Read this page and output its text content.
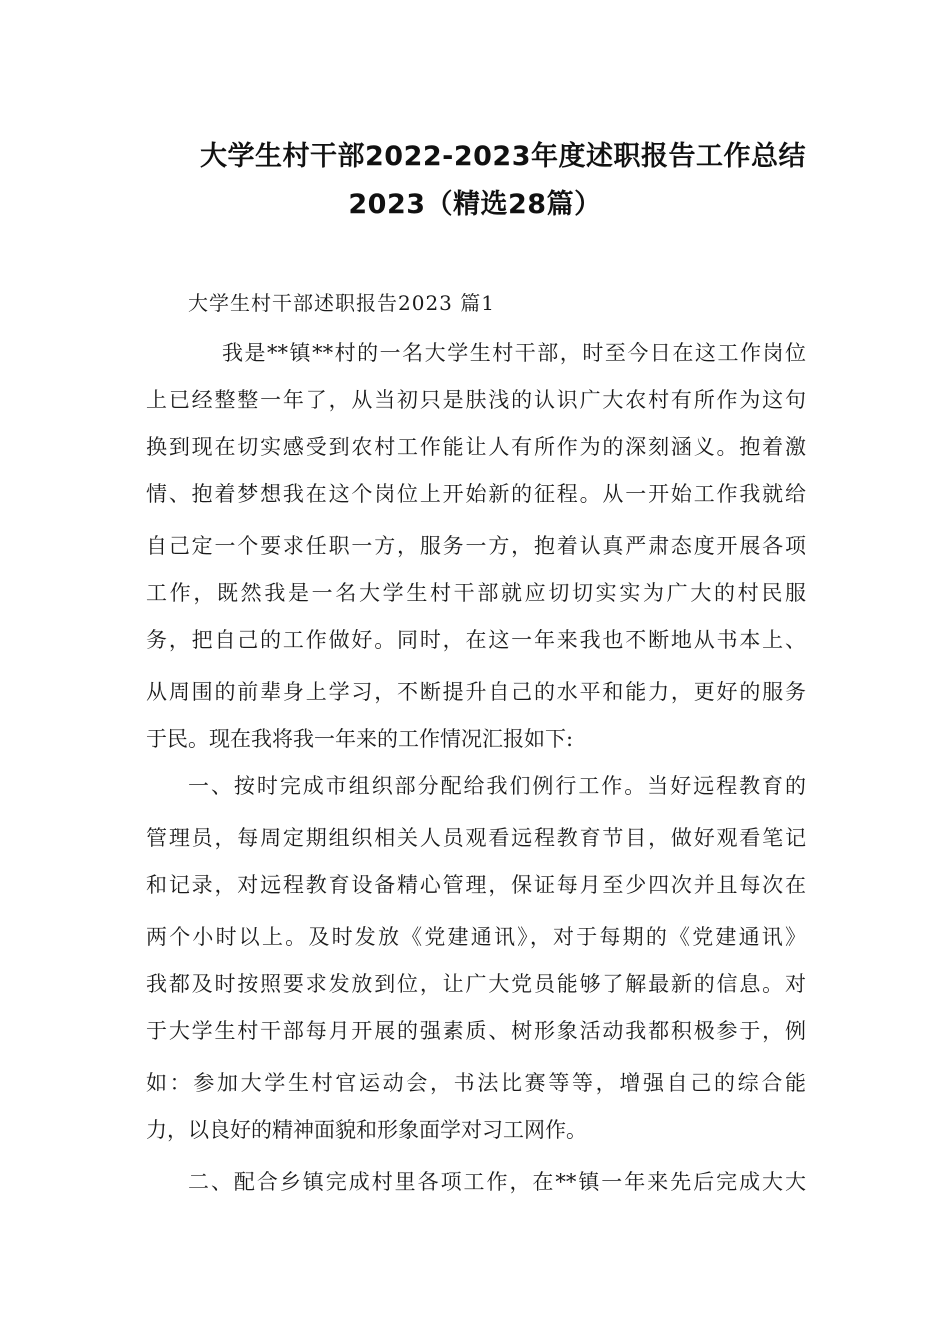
大学生村干部2022-2023年度述职报告工作总结
2023（精选28篇）
大学生村干部述职报告2023 篇1
我是**镇**村的一名大学生村干部，时至今日在这工作岗位
上已经整整一年了，从当初只是肤浅的认识广大农村有所作为这句
换到现在切实感受到农村工作能让人有所作为的深刻涵义。抱着激
情、抱着梦想我在这个岗位上开始新的征程。从一开始工作我就给
自己定一个要求任职一方，服务一方，抱着认真严肃态度开展各项
工作，既然我是一名大学生村干部就应切切实实为广大的村民服
务，把自己的工作做好。同时，在这一年来我也不断地从书本上、
从周围的前辈身上学习，不断提升自己的水平和能力，更好的服务
于民。现在我将我一年来的工作情况汇报如下:
一、按时完成市组织部分配给我们例行工作。当好远程教育的
管理员，每周定期组织相关人员观看远程教育节目，做好观看笔记
和记录，对远程教育设备精心管理，保证每月至少四次并且每次在
两个小时以上。及时发放《党建通讯》，对于每期的《党建通讯》
我都及时按照要求发放到位，让广大党员能够了解最新的信息。对
于大学生村干部每月开展的强素质、树形象活动我都积极参于，例
如：参加大学生村官运动会，书法比赛等等，增强自己的综合能
力，以良好的精神面貌和形象面学对习工网作。
二、配合乡镇完成村里各项工作，在**镇一年来先后完成大大
